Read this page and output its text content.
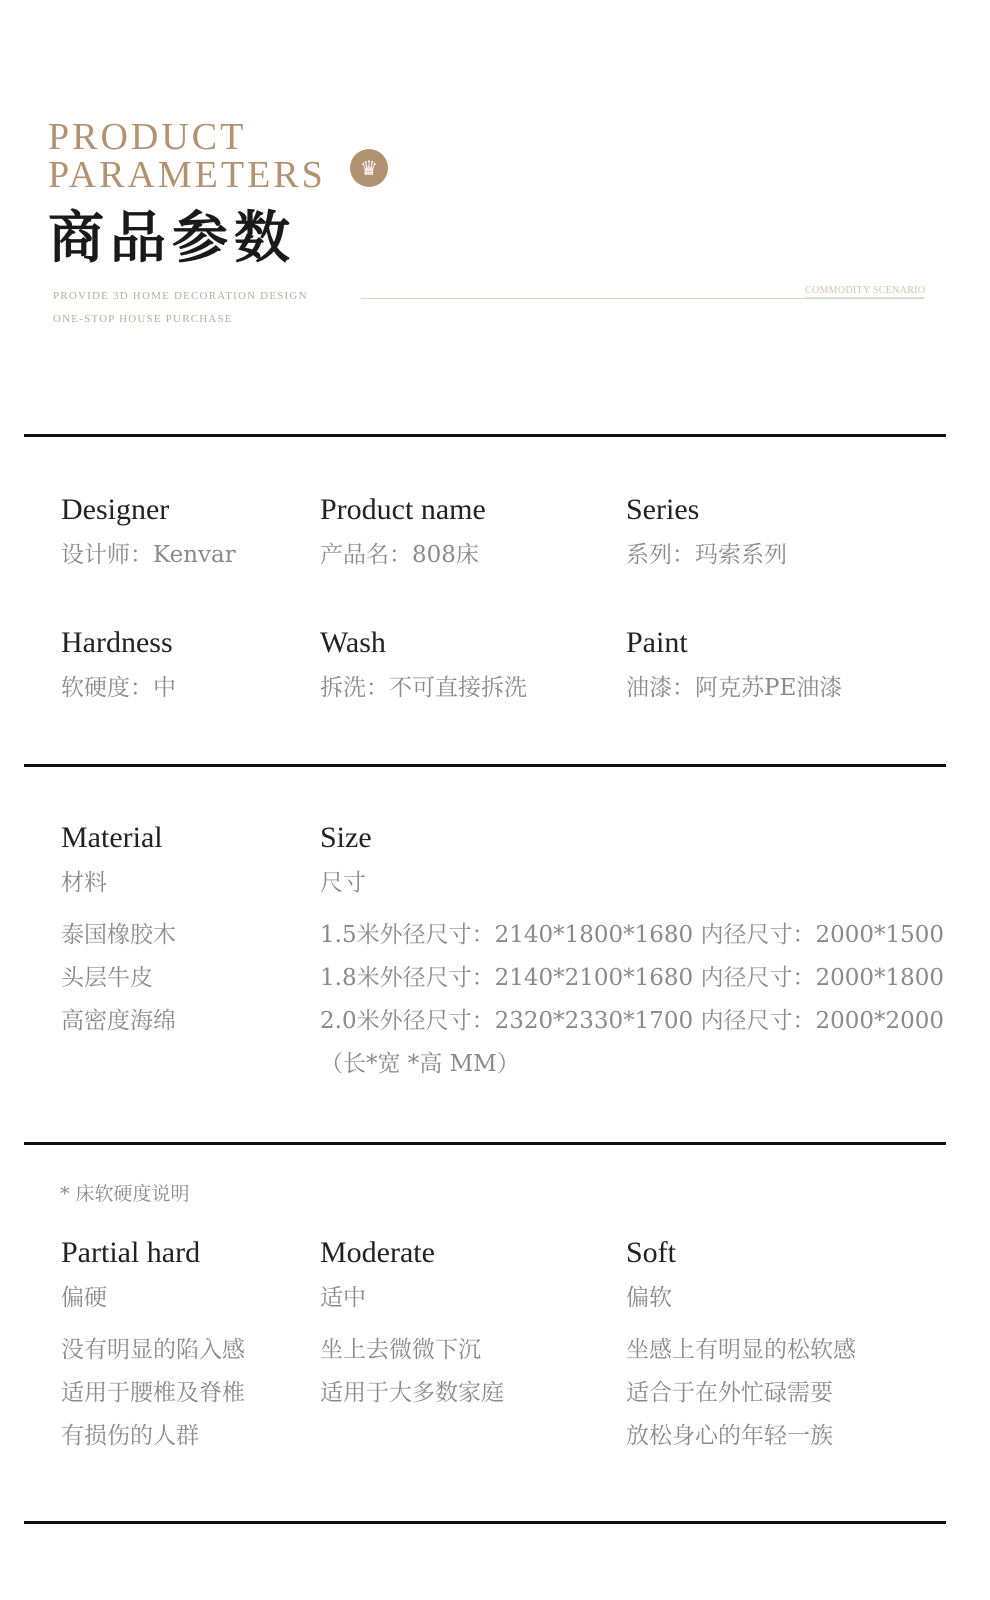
PRODUCT
PARAMETERS	♛
商品参数
PROVIDE 3D HOME DECORATION DESIGN
ONE-STOP HOUSE PURCHASE
COMMODITY SCENARIO
Designer
设计师：Kenvar
Product name
产品名：808床
Series
系列：玛索系列
Hardness
软硬度：中
Wash
拆洗：不可直接拆洗
Paint
油漆：阿克苏PE油漆
Material
材料
泰国橡胶木
头层牛皮
高密度海绵
Size
尺寸
1.5米外径尺寸：2140*1800*1680 内径尺寸：2000*1500
1.8米外径尺寸：2140*2100*1680 内径尺寸：2000*1800
2.0米外径尺寸：2320*2330*1700 内径尺寸：2000*2000
（长*宽 *高 MM）
* 床软硬度说明
Partial hard
偏硬
没有明显的陷入感
适用于腰椎及脊椎
有损伤的人群
Moderate
适中
坐上去微微下沉
适用于大多数家庭
Soft
偏软
坐感上有明显的松软感
适合于在外忙碌需要
放松身心的年轻一族
